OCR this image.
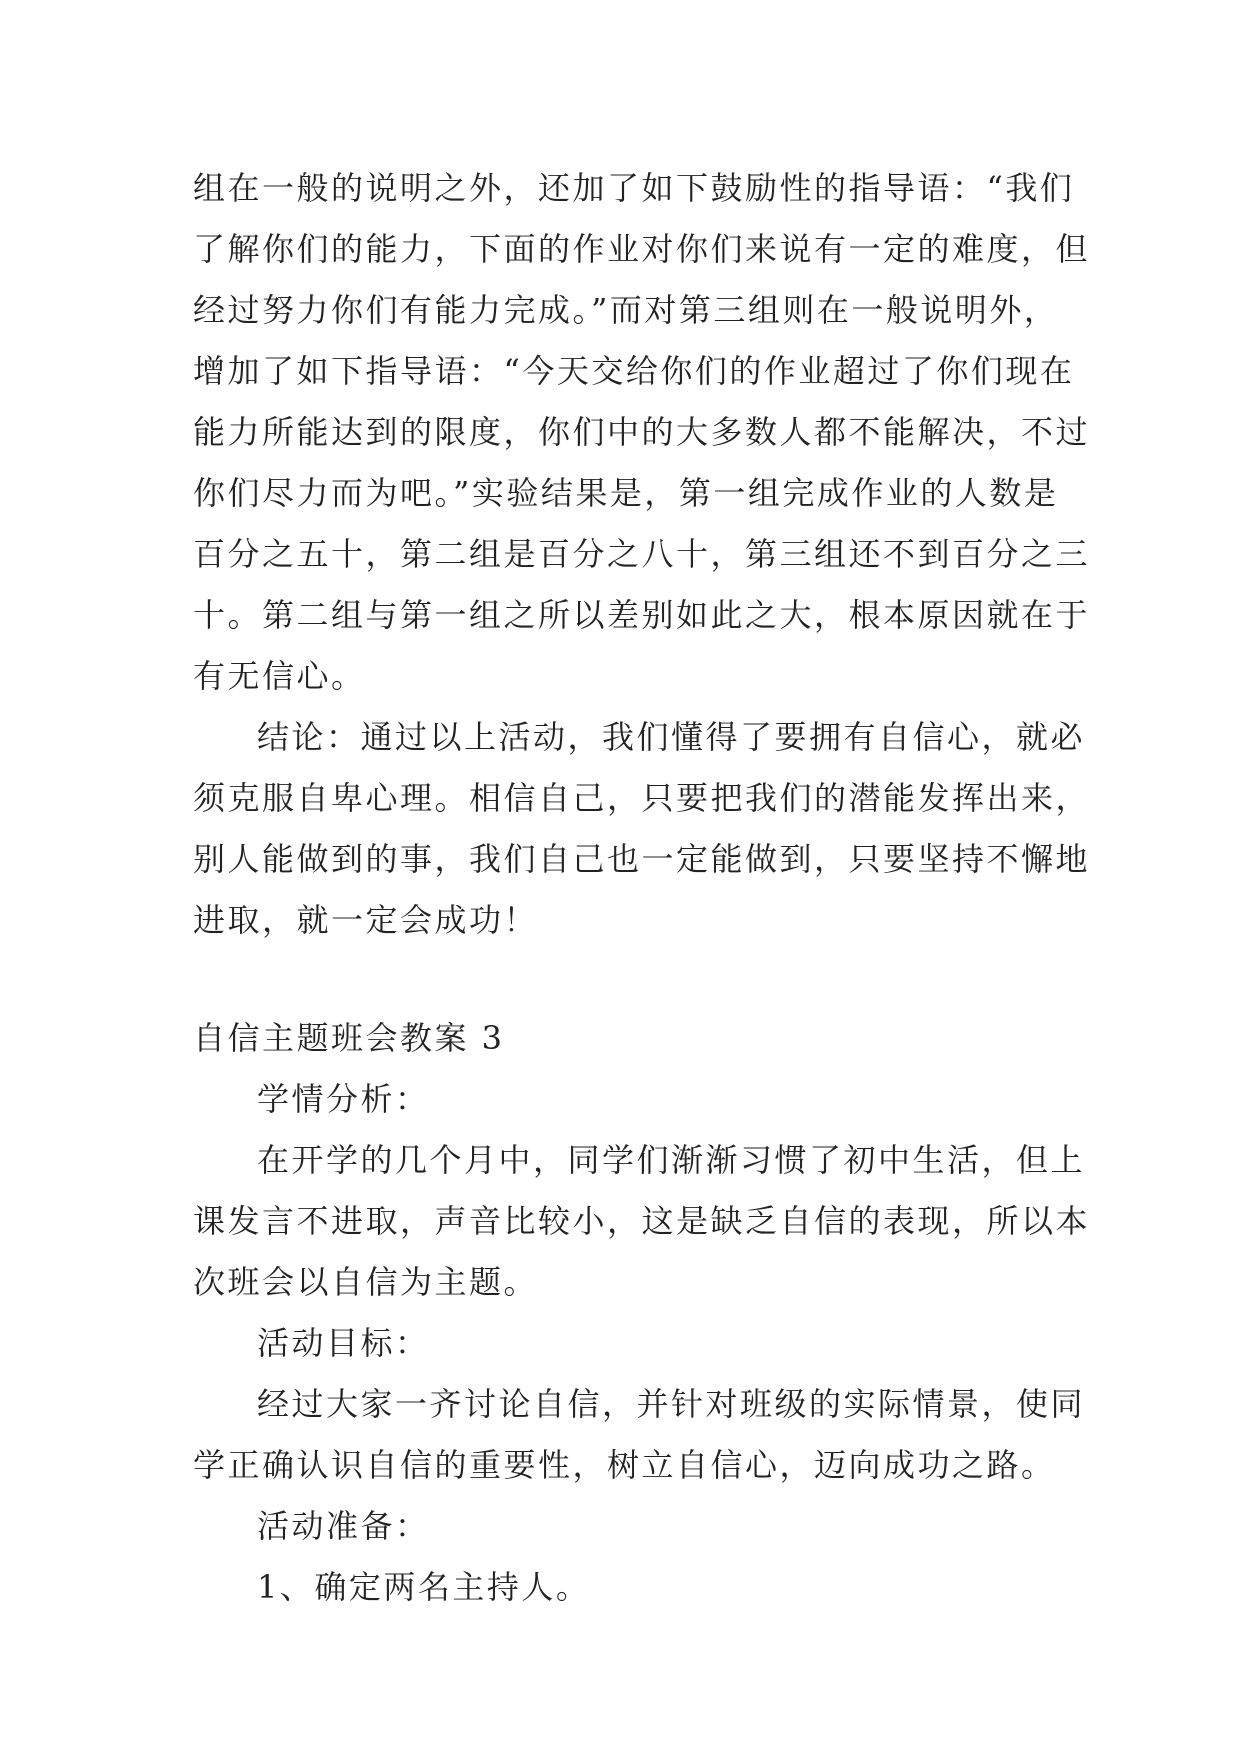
组在一般的说明之外，还加了如下鼓励性的指导语：“我们
了解你们的能力，下面的作业对你们来说有一定的难度，但
经过努力你们有能力完成。”而对第三组则在一般说明外，
增加了如下指导语：“今天交给你们的作业超过了你们现在
能力所能达到的限度，你们中的大多数人都不能解决，不过
你们尽力而为吧。”实验结果是，第一组完成作业的人数是
百分之五十，第二组是百分之八十，第三组还不到百分之三
十。第二组与第一组之所以差别如此之大，根本原因就在于
有无信心。
结论：通过以上活动，我们懂得了要拥有自信心，就必
须克服自卑心理。相信自己，只要把我们的潜能发挥出来，
别人能做到的事，我们自己也一定能做到，只要坚持不懈地
进取，就一定会成功！
自信主题班会教案 3
学情分析：
在开学的几个月中，同学们渐渐习惯了初中生活，但上
课发言不进取，声音比较小，这是缺乏自信的表现，所以本
次班会以自信为主题。
活动目标：
经过大家一齐讨论自信，并针对班级的实际情景，使同
学正确认识自信的重要性，树立自信心，迈向成功之路。
活动准备：
1、确定两名主持人。
